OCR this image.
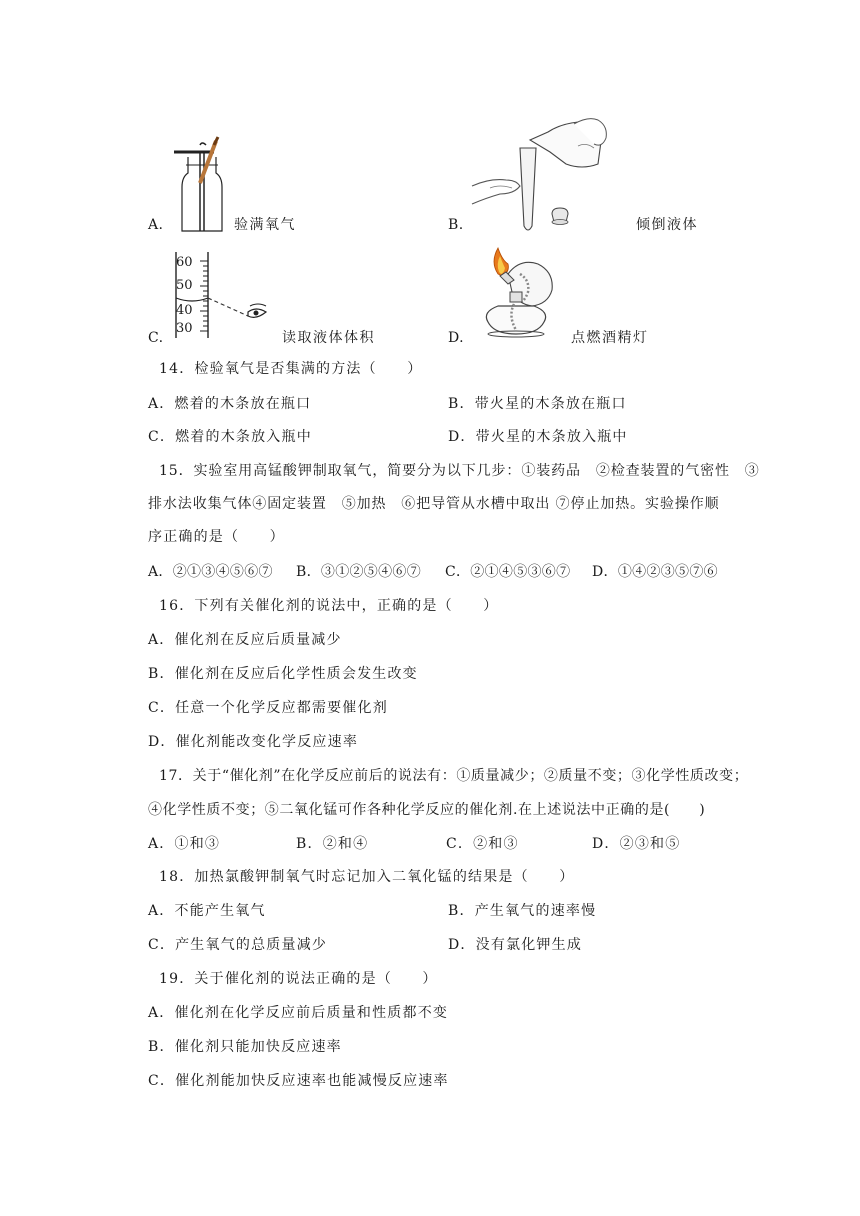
A.	验满氧气	B.	倾倒液体
C.
60
50
40
30
读取液体体积	D.	点燃酒精灯
14．检验氧气是否集满的方法（　　）
A．燃着的木条放在瓶口	B．带火星的木条放在瓶口
C．燃着的木条放入瓶中	D．带火星的木条放入瓶中
15．实验室用高锰酸钾制取氧气，简要分为以下几步：①装药品　②检查装置的气密性　③
排水法收集气体④固定装置　⑤加热　⑥把导管从水槽中取出 ⑦停止加热。实验操作顺
序正确的是（　　）
A．②①③④⑤⑥⑦ B．③①②⑤④⑥⑦ C．②①④⑤③⑥⑦ D．①④②③⑤⑦⑥
16．下列有关催化剂的说法中，正确的是（　　）
A．催化剂在反应后质量减少
B．催化剂在反应后化学性质会发生改变
C．任意一个化学反应都需要催化剂
D．催化剂能改变化学反应速率
17．关于“催化剂”在化学反应前后的说法有：①质量减少；②质量不变；③化学性质改变；
④化学性质不变；⑤二氧化锰可作各种化学反应的催化剂.在上述说法中正确的是(　　)
A．①和③	B．②和④	C．②和③	D．②③和⑤
18．加热氯酸钾制氧气时忘记加入二氧化锰的结果是（　　）
A．不能产生氧气	B．产生氧气的速率慢
C．产生氧气的总质量减少	D．没有氯化钾生成
19．关于催化剂的说法正确的是（　　）
A．催化剂在化学反应前后质量和性质都不变
B．催化剂只能加快反应速率
C．催化剂能加快反应速率也能减慢反应速率
